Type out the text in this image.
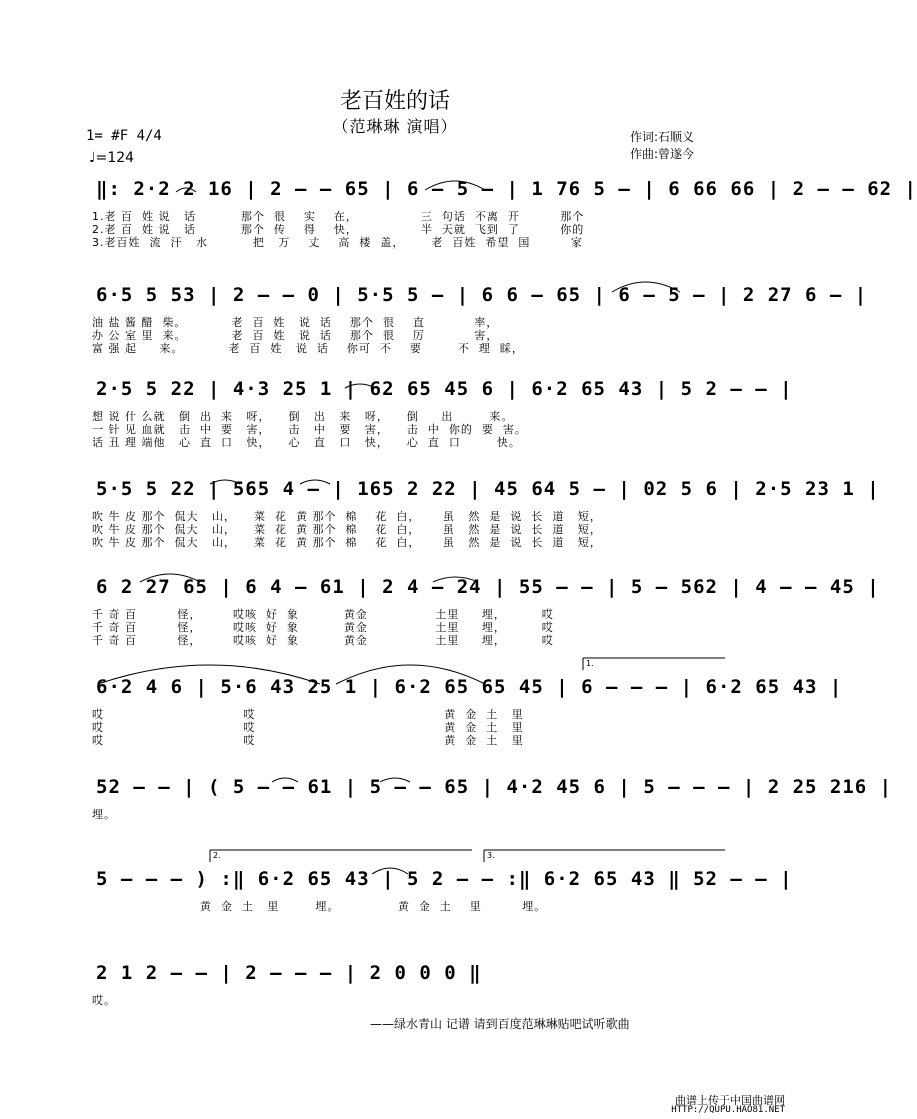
老百姓的话
（范琳琳 演唱）
1= #F 4/4
♩=124
作词:石顺义
作曲:曾遂今
‖: 2·2 2 16 | 2 — — 65 | 6 — 5 — | 1 76 5 — | 6 66 66 | 2 — — 62 |
1.老 百  姓 说   话          那个  很    实    在，              三  句话  不离  开         那个
2.老 百  姓 说   话          那个  传    得    快，              半  天就  飞到  了         你的
3.老百姓  流  汗   水          把   万    丈    高  楼  盖，      老  百姓  希望  国         家
6·5 5 53 | 2 — — 0 | 5·5 5 — | 6 6 — 65 | 6 — 5 — | 2 27 6 — |
油 盐 酱 醋  柴。          老  百  姓   说  话    那个  很    直           率，
办 公 室 里  来。          老  百  姓   说  话    那个  很    厉           害，
富 强 起     来。          老  百  姓   说  话    你可  不    要        不  理  睬，
2·5 5 22 | 4·3 25 1 | 62 65 45 6 | 6·2 65 43 | 5 2 — — |
想 说 什 么就   倒  出  来   呀，    倒   出   来   呀，    倒     出        来。
一 针 见 血就   击  中  要   害，    击   中   要   害，    击  中  你的  要  害。
话 丑 理 端他   心  直  口   快，    心   直   口   快，    心  直  口        快。
5·5 5 22 | 565 4 — | 165 2 22 | 45 64 5 — | 02 5 6 | 2·5 23 1 |
吹 牛 皮 那个  侃大   山，    菜  花  黄 那个  棉    花  白，     虽   然  是  说  长  道   短，
吹 牛 皮 那个  侃大   山，    菜  花  黄 那个  棉    花  白，     虽   然  是  说  长  道   短，
吹 牛 皮 那个  侃大   山，    菜  花  黄 那个  棉    花  白，     虽   然  是  说  长  道   短，
6 2 27 65 | 6 4 — 61 | 2 4 — 24 | 55 — — | 5 — 562 | 4 — — 45 |
千 奇 百         怪，       哎咳  好  象          黄金               土里     埋，        哎
千 奇 百         怪，       哎咳  好  象          黄金               土里     埋，        哎
千 奇 百         怪，       哎咳  好  象          黄金               土里     埋，        哎
1.
6·2 4 6 | 5·6 43 25 1 | 6·2 65 65 45 | 6 — — — | 6·2 65 43 |
哎                               哎                                          黄  金  土   里
哎                               哎                                          黄  金  土   里
哎                               哎                                          黄  金  土   里
52 — — | ( 5 — — 61 | 5 — — 65 | 4·2 45 6 | 5 — — — | 2 25 216 |
埋。
2.	3.
5 — — — ) :‖ 6·2 65 43 | 5 2 — — :‖ 6·2 65 43 ‖ 52 — — |
黄  金  土   里        埋。             黄  金  土    里         埋。
2 1 2 — — | 2 — — — | 2 0 0 0 ‖
哎。
——绿水青山 记谱 请到百度范琳琳贴吧试听歌曲
曲谱上传于中国曲谱网
HTTP://QUPU.HAO81.NET
